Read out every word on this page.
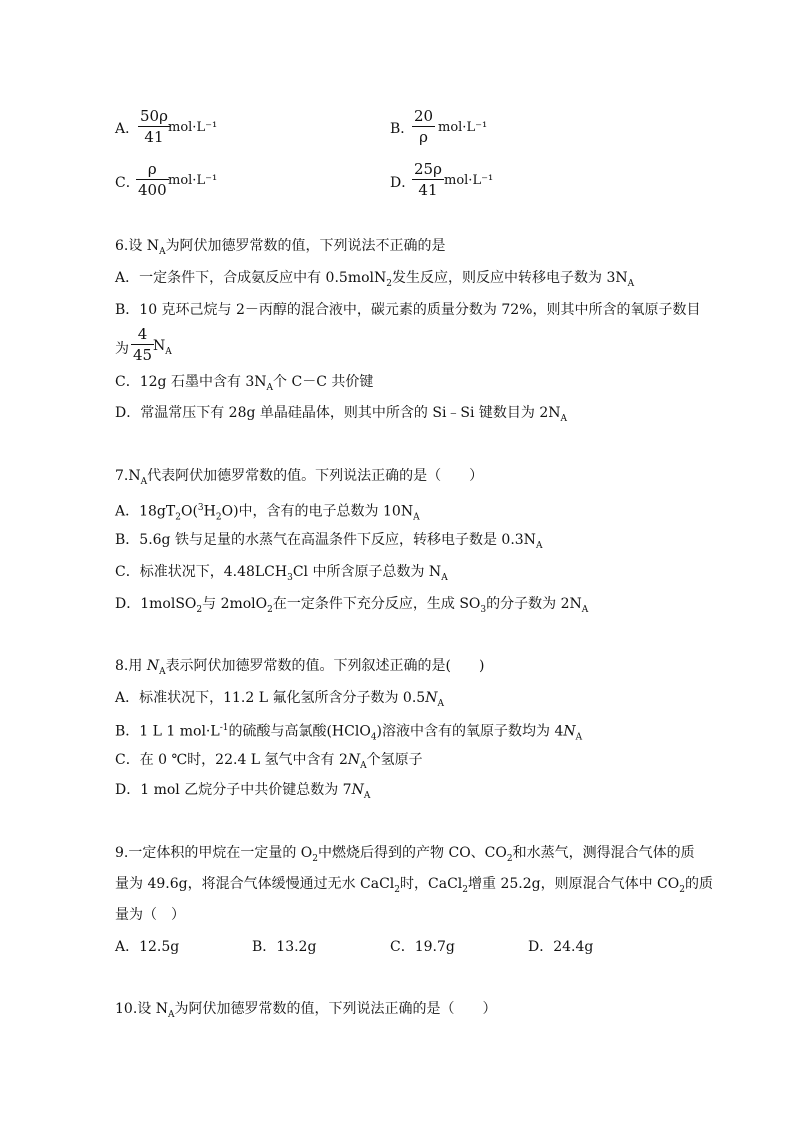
A．
50ρ
41
mol·L⁻¹	B．
20
ρ
mol·L⁻¹
C．
ρ
400
mol·L⁻¹	D．
25ρ
41
mol·L⁻¹
6.设 $N_A$为阿伏加德罗常数的值，下列说法不正确的是
A．一定条件下，合成氨反应中有 0.5molN$_2$发生反应，则反应中转移电子数为 $3N_A$
B．10 克环己烷与 2－丙醇的混合液中，碳元素的质量分数为 72%，则其中所含的氧原子数目
为
4
45 $N_A$
C．12g 石墨中含有 $3N_A$个 C－C 共价键
D．常温常压下有 28g 单晶硅晶体，则其中所含的 Si﹣Si 键数目为 $2N_A$
$7.N_A$代表阿伏加德罗常数的值。下列说法正确的是（　　）
A．$18gT_2O(^3H_2O)$中，含有的电子总数为 $10N_A$
B．5.6g 铁与足量的水蒸气在高温条件下反应，转移电子数是 $0.3N_A$
C．标准状况下，$4.48LCH_3Cl$ 中所含原子总数为 $N_A$
D．1molSO$_2$与 2molO$_2$在一定条件下充分反应，生成 $SO_3$的分子数为 $2N_A$
8.用 $N_A$表示阿伏加德罗常数的值。下列叙述正确的是(　　)
A．标准状况下，11.2 L 氟化氢所含分子数为 $0.5N_A$
B．1 L 1 $mol\cdot L^{-1}$的硫酸与高氯酸(HClO$_4$)溶液中含有的氧原子数均为 $4N_A$
C．在 0 ℃时，22.4 L 氢气中含有 $2N_A$个氢原子
D．1 mol 乙烷分子中共价键总数为 $7N_A$
9.一定体积的甲烷在一定量的 $O_2$中燃烧后得到的产物 CO、$CO_2$和水蒸气，测得混合气体的质
量为 49.6g，将混合气体缓慢通过无水 CaCl$_2$时，CaCl$_2$增重 25.2g，则原混合气体中 $CO_2$的质
量为（　）
A．12.5g	B．13.2g	C．19.7g	D．24.4g
10.设 $N_A$为阿伏加德罗常数的值，下列说法正确的是（　　）
